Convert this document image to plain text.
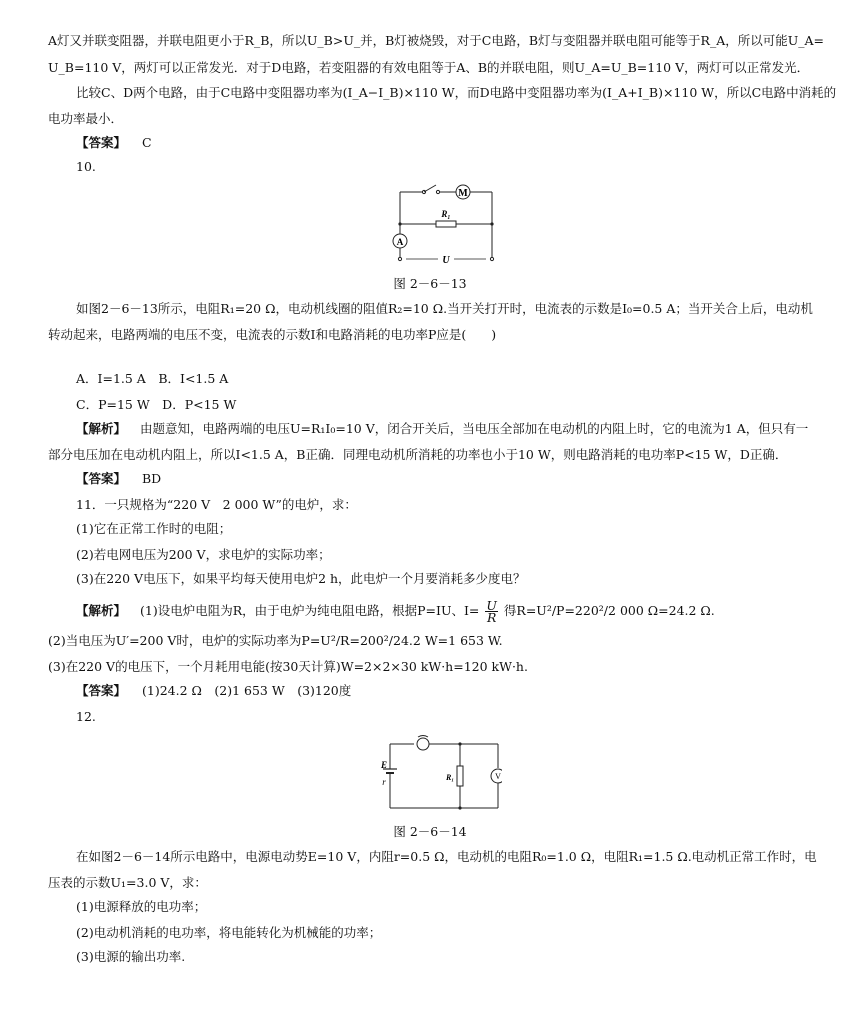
A灯又并联变阻器，并联电阻更小于R_B，所以U_B>U_并，B灯被烧毁，对于C电路，B灯与变阻器并联电阻可能等于R_A，所以可能U_A=
U_B=110 V，两灯可以正常发光．对于D电路，若变阻器的有效电阻等于A、B的并联电阻，则U_A=U_B=110 V，两灯可以正常发光．
比较C、D两个电路，由于C电路中变阻器功率为(I_A−I_B)×110 W，而D电路中变阻器功率为(I_A+I_B)×110 W，所以C电路中消耗的
电功率最小．
【答案】 C
10.
M
R₁
A
U
图 2－6－13
如图2－6－13所示，电阻R₁=20 Ω，电动机线圈的阻值R₂=10 Ω.当开关打开时，电流表的示数是I₀=0.5 A；当开关合上后，电动机
转动起来，电路两端的电压不变，电流表的示数I和电路消耗的电功率P应是(　　)
A．I=1.5 A　B．I<1.5 A
C．P=15 W　D．P<15 W
【解析】 由题意知，电路两端的电压U=R₁I₀=10 V，闭合开关后，当电压全部加在电动机的内阻上时，它的电流为1 A，但只有一
部分电压加在电动机内阻上，所以I<1.5 A，B正确．同理电动机所消耗的功率也小于10 W，则电路消耗的电功率P<15 W，D正确．
【答案】 BD
11．一只规格为“220 V　2 000 W”的电炉，求：
(1)它在正常工作时的电阻；
(2)若电网电压为200 V，求电炉的实际功率；
(3)在220 V电压下，如果平均每天使用电炉2 h，此电炉一个月要消耗多少度电？
【解析】 (1)设电炉电阻为R，由于电炉为纯电阻电路，根据P=IU、$I= \frac{U}{R}$ 得R=U²/P=220²/2 000 Ω=24.2 Ω.
(2)当电压为U′=200 V时，电炉的实际功率为P=U²/R=200²/24.2 W=1 653 W.
(3)在220 V的电压下，一个月耗用电能(按30天计算)W=2×2×30 kW·h=120 kW·h.
【答案】 (1)24.2 Ω　(2)1 653 W　(3)120度
12.
E
r	R₁	V
图 2－6－14
在如图2－6－14所示电路中，电源电动势E=10 V，内阻r=0.5 Ω，电动机的电阻R₀=1.0 Ω，电阻R₁=1.5 Ω.电动机正常工作时，电
压表的示数U₁=3.0 V，求：
(1)电源释放的电功率；
(2)电动机消耗的电功率，将电能转化为机械能的功率；
(3)电源的输出功率.
